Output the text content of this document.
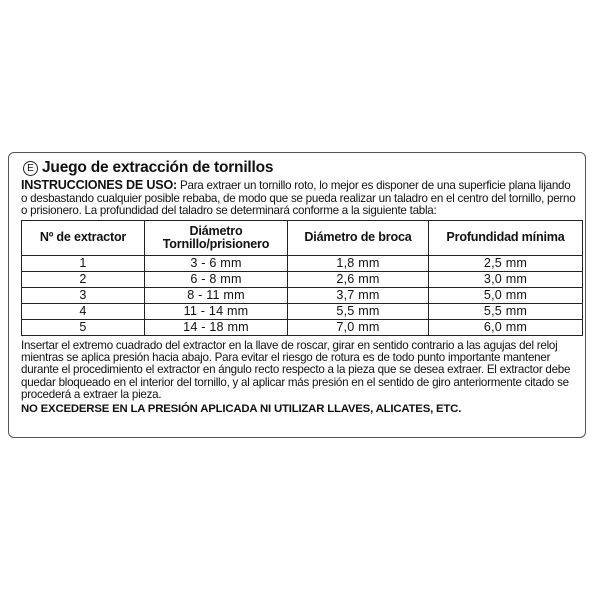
E Juego de extracción de tornillos

INSTRUCCIONES DE USO: Para extraer un tornillo roto, lo mejor es disponer de una superficie plana lijando o desbastando cualquier posible rebaba, de modo que se pueda realizar un taladro en el centro del tornillo, perno o prisionero. La profundidad del taladro se determinará conforme a la siguiente tabla:

Nº de extractor	Diámetro Tornillo/prisionero	Diámetro de broca	Profundidad mínima
1	3 - 6 mm	1,8 mm	2,5 mm
2	6 - 8 mm	2,6 mm	3,0 mm
3	8 - 11 mm	3,7 mm	5,0 mm
4	11 - 14 mm	5,5 mm	5,5 mm
5	14 - 18 mm	7,0 mm	6,0 mm

Insertar el extremo cuadrado del extractor en la llave de roscar, girar en sentido contrario a las agujas del reloj mientras se aplica presión hacia abajo. Para evitar el riesgo de rotura es de todo punto importante mantener durante el procedimiento el extractor en ángulo recto respecto a la pieza que se desea extraer. El extractor debe quedar bloqueado en el interior del tornillo, y al aplicar más presión en el sentido de giro anteriormente citado se procederá a extraer la pieza.

NO EXCEDERSE EN LA PRESIÓN APLICADA NI UTILIZAR LLAVES, ALICATES, ETC.
